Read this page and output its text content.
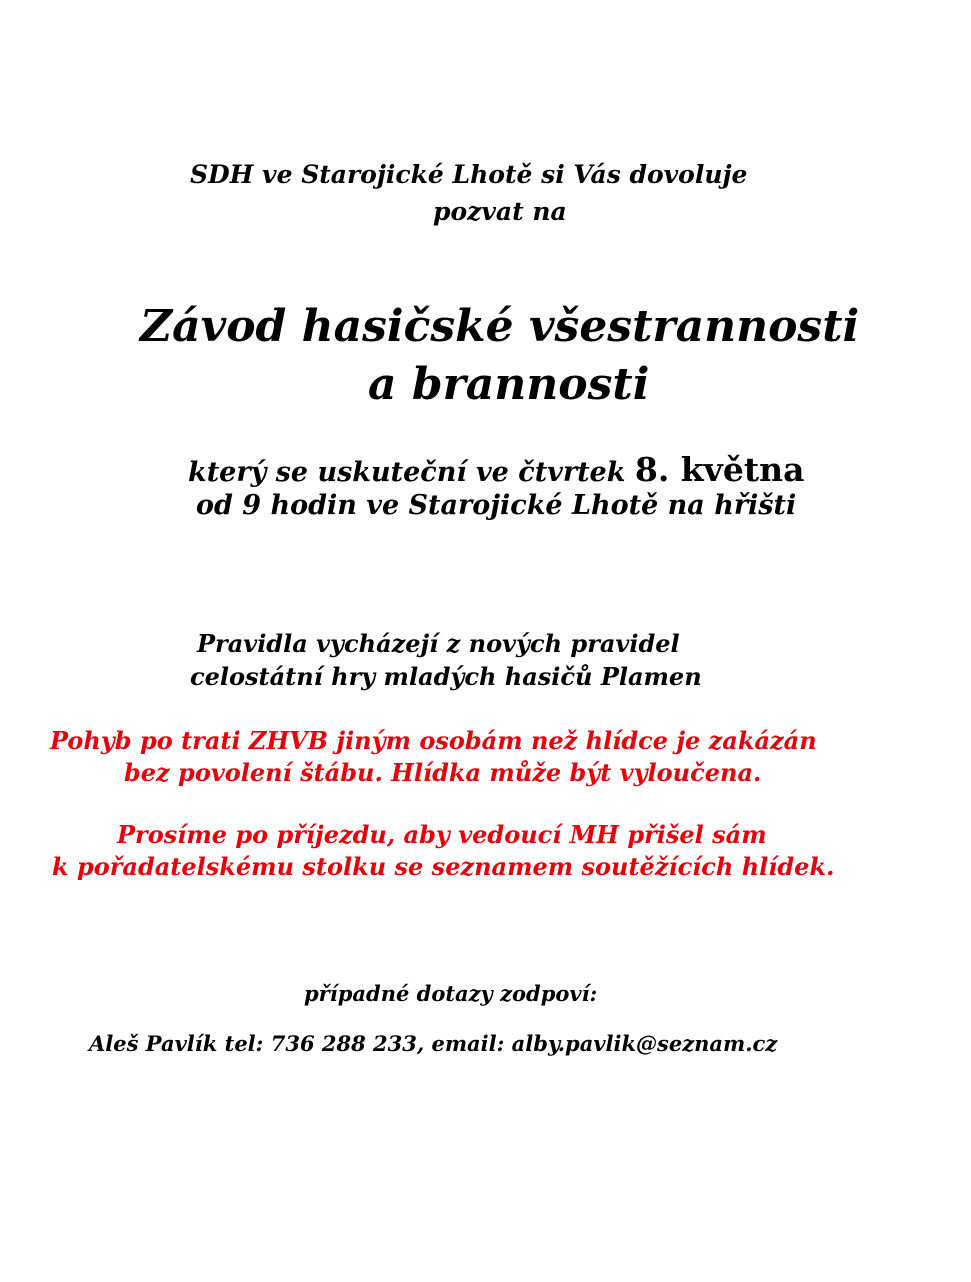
SDH ve Starojické Lhotě si Vás dovoluje
pozvat na
Závod hasičské všestrannosti
a brannosti
který se uskuteční ve čtvrtek 8. května
od 9 hodin ve Starojické Lhotě na hřišti
Pravidla vycházejí z nových pravidel
celostátní hry mladých hasičů Plamen
Pohyb po trati ZHVB jiným osobám než hlídce je zakázán
bez povolení štábu. Hlídka může být vyloučena.
Prosíme po příjezdu, aby vedoucí MH přišel sám
k pořadatelskému stolku se seznamem soutěžících hlídek.
případné dotazy zodpoví:
Aleš Pavlík tel: 736 288 233, email: alby.pavlik@seznam.cz
